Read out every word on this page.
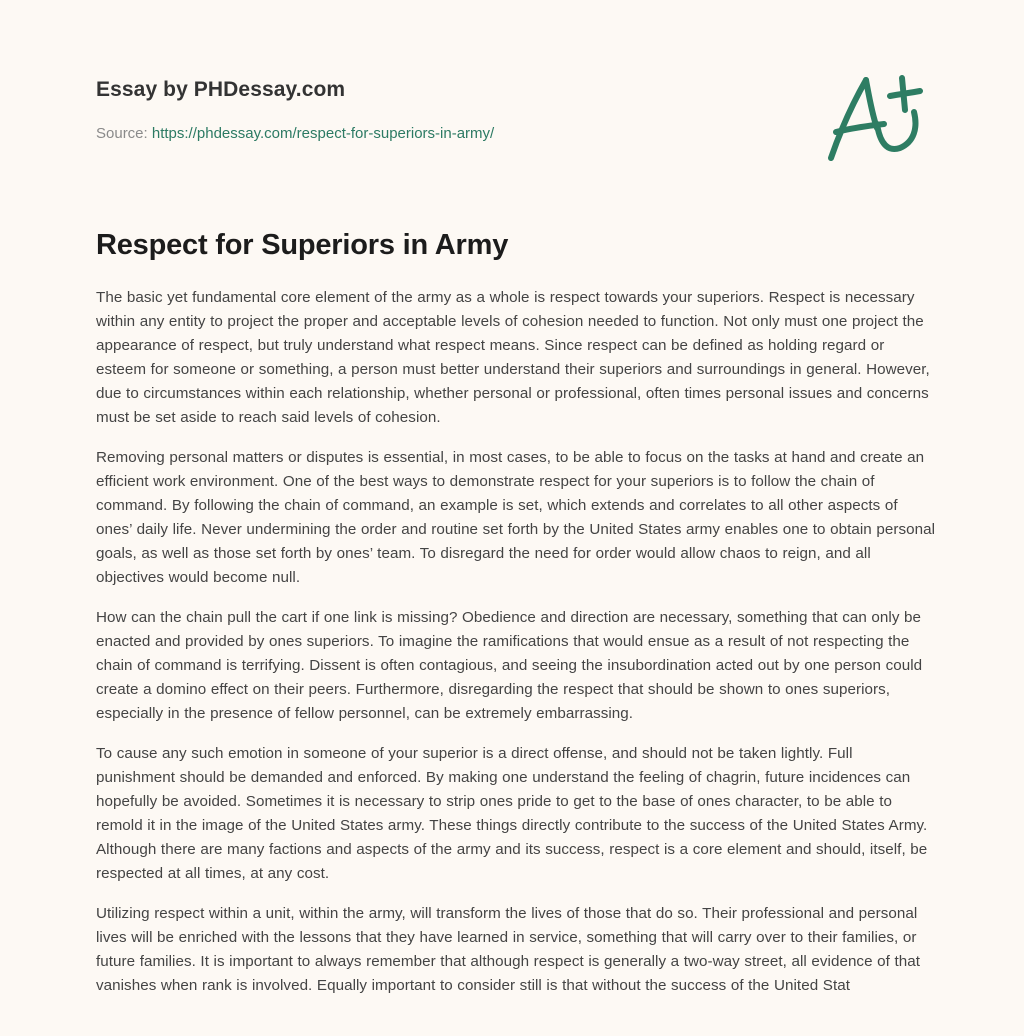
Essay by PHDessay.com
Source: https://phdessay.com/respect-for-superiors-in-army/
Respect for Superiors in Army

The basic yet fundamental core element of the army as a whole is respect towards your superiors. Respect is necessary within any entity to project the proper and acceptable levels of cohesion needed to function. Not only must one project the appearance of respect, but truly understand what respect means. Since respect can be defined as holding regard or esteem for someone or something, a person must better understand their superiors and surroundings in general. However, due to circumstances within each relationship, whether personal or professional, often times personal issues and concerns must be set aside to reach said levels of cohesion.

Removing personal matters or disputes is essential, in most cases, to be able to focus on the tasks at hand and create an efficient work environment. One of the best ways to demonstrate respect for your superiors is to follow the chain of command. By following the chain of command, an example is set, which extends and correlates to all other aspects of ones’ daily life. Never undermining the order and routine set forth by the United States army enables one to obtain personal goals, as well as those set forth by ones’ team. To disregard the need for order would allow chaos to reign, and all objectives would become null.

How can the chain pull the cart if one link is missing? Obedience and direction are necessary, something that can only be enacted and provided by ones superiors. To imagine the ramifications that would ensue as a result of not respecting the chain of command is terrifying. Dissent is often contagious, and seeing the insubordination acted out by one person could create a domino effect on their peers. Furthermore, disregarding the respect that should be shown to ones superiors, especially in the presence of fellow personnel, can be extremely embarrassing.

To cause any such emotion in someone of your superior is a direct offense, and should not be taken lightly. Full punishment should be demanded and enforced. By making one understand the feeling of chagrin, future incidences can hopefully be avoided. Sometimes it is necessary to strip ones pride to get to the base of ones character, to be able to remold it in the image of the United States army. These things directly contribute to the success of the United States Army. Although there are many factions and aspects of the army and its success, respect is a core element and should, itself, be respected at all times, at any cost.

Utilizing respect within a unit, within the army, will transform the lives of those that do so. Their professional and personal lives will be enriched with the lessons that they have learned in service, something that will carry over to their families, or future families. It is important to always remember that although respect is generally a two-way street, all evidence of that vanishes when rank is involved. Equally important to consider still is that without the success of the United Stat
